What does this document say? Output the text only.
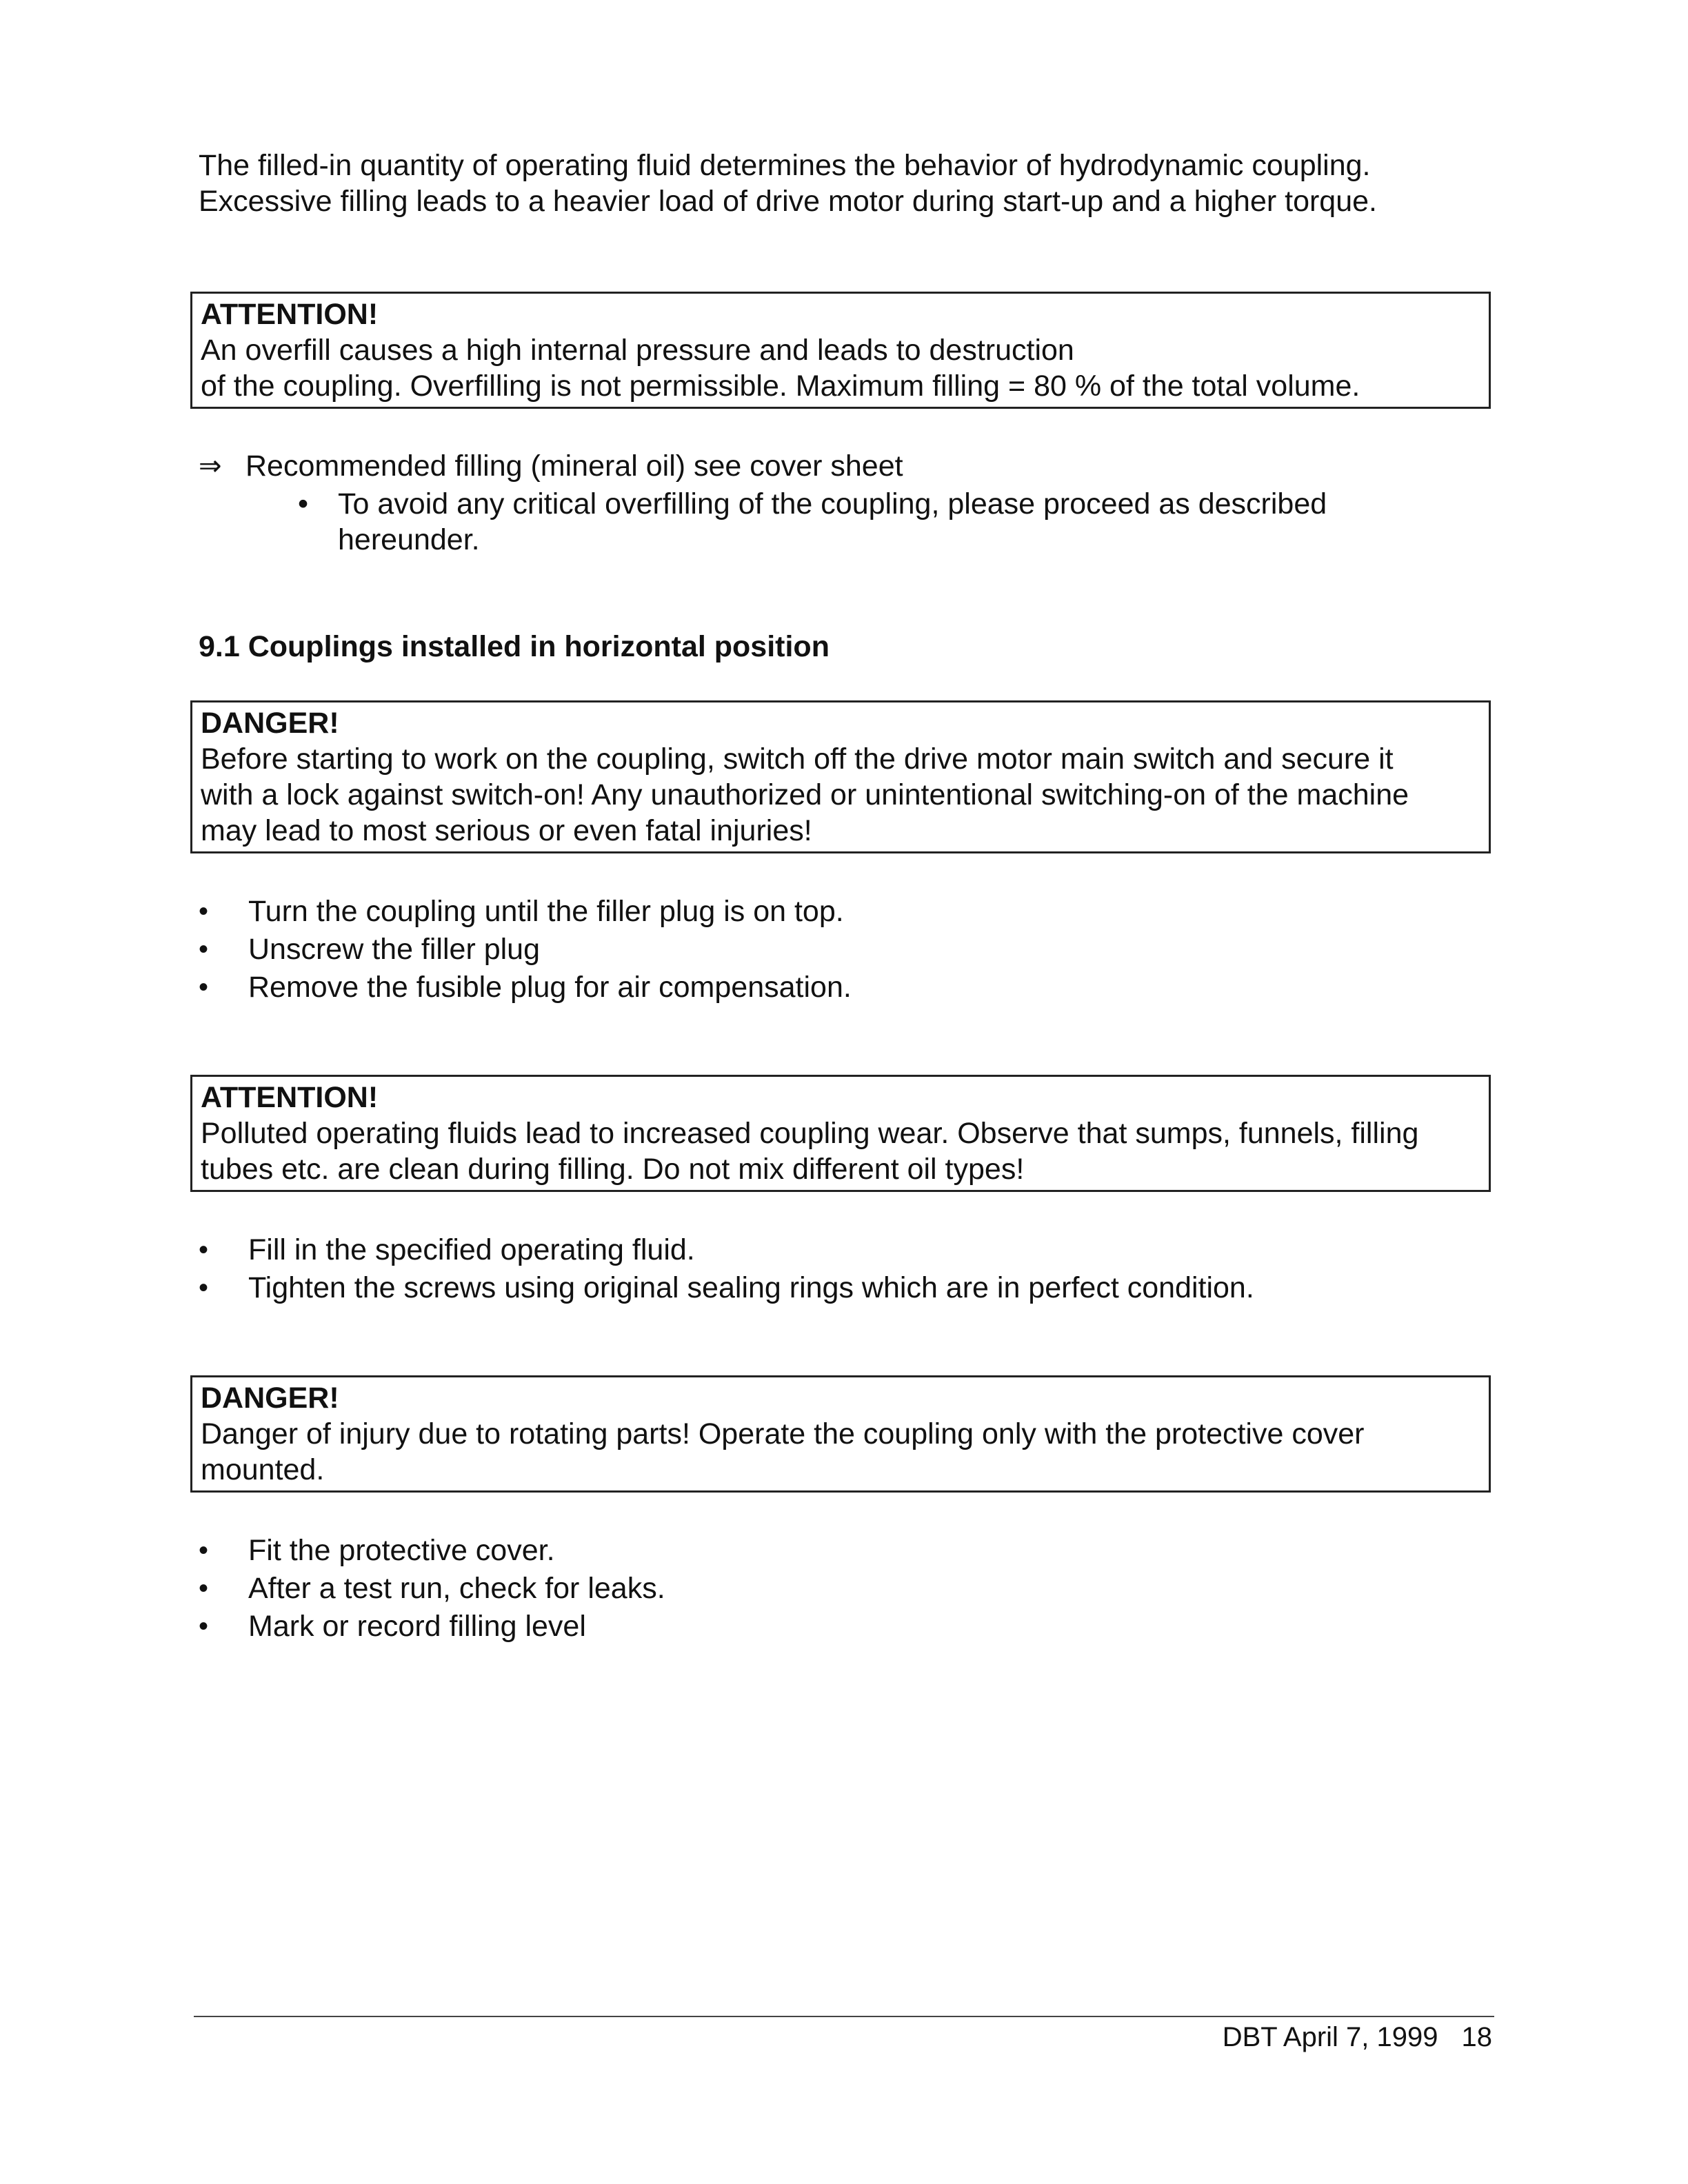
The filled-in quantity of operating fluid determines the behavior of hydrodynamic coupling.

Excessive filling leads to a heavier load of drive motor during start-up and a higher torque.

ATTENTION!

An overfill causes a high internal pressure and leads to destruction

of the coupling. Overfilling is not permissible. Maximum filling = 80 % of the total volume.

⇒ Recommended filling (mineral oil) see cover sheet
• To avoid any critical overfilling of the coupling, please proceed as described

hereunder.

9.1 Couplings installed in horizontal position

DANGER!

Before starting to work on the coupling, switch off the drive motor main switch and secure it

with a lock against switch-on! Any unauthorized or unintentional switching-on of the machine

may lead to most serious or even fatal injuries!

•	Turn the coupling until the filler plug is on top.
•	Unscrew the filler plug
•	Remove the fusible plug for air compensation.

ATTENTION!

Polluted operating fluids lead to increased coupling wear. Observe that sumps, funnels, filling

tubes etc. are clean during filling. Do not mix different oil types!

•	Fill in the specified operating fluid.
•	Tighten the screws using original sealing rings which are in perfect condition.

DANGER!

Danger of injury due to rotating parts! Operate the coupling only with the protective cover

mounted.

•	Fit the protective cover.
•	After a test run, check for leaks.
•	Mark or record filling level
DBT April 7, 1999 18
